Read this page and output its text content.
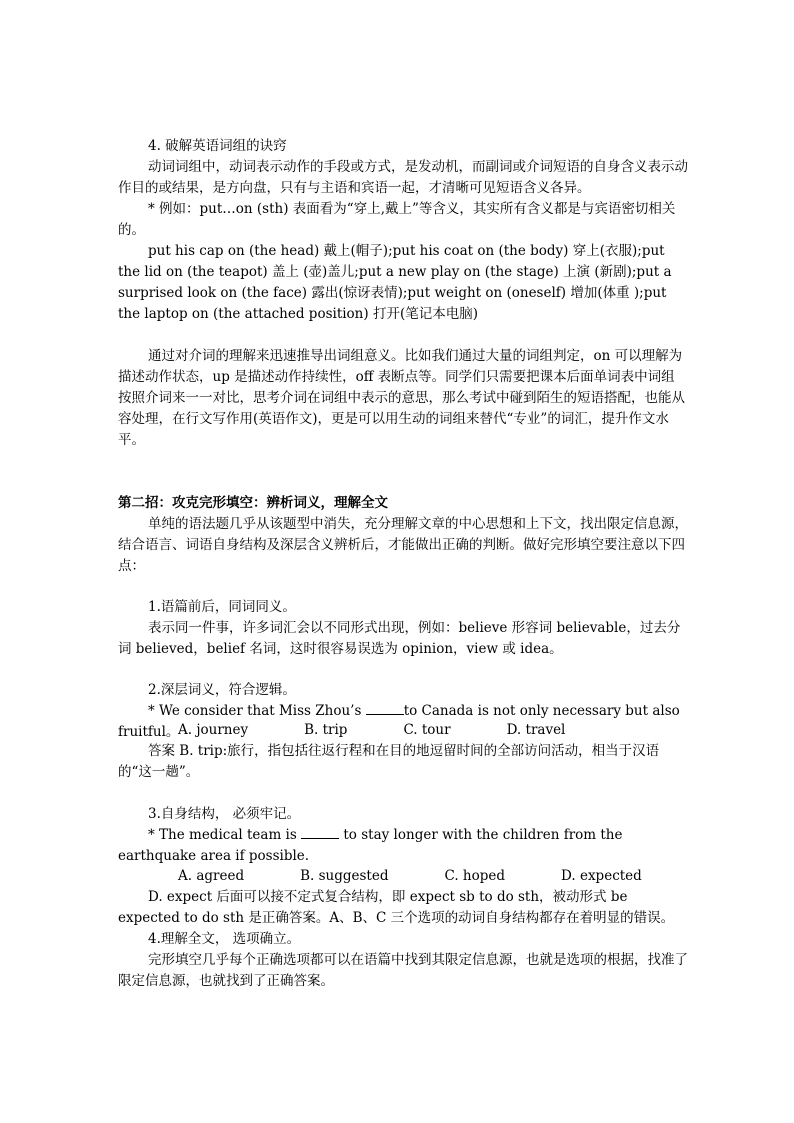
4. 破解英语词组的诀窍
动词词组中，动词表示动作的手段或方式，是发动机，而副词或介词短语的自身含义表示动作目的或结果，是方向盘，只有与主语和宾语一起，才清晰可见短语含义各异。
* 例如：put…on (sth) 表面看为“穿上,戴上”等含义，其实所有含义都是与宾语密切相关的。
put his cap on (the head) 戴上(帽子);put his coat on (the body) 穿上(衣服);put the lid on (the teapot) 盖上 (壶)盖儿;put a new play on (the stage) 上演 (新剧);put a surprised look on (the face) 露出(惊讶表情);put weight on (oneself) 增加(体重 );put the laptop on (the attached position) 打开(笔记本电脑)
通过对介词的理解来迅速推导出词组意义。比如我们通过大量的词组判定，on 可以理解为描述动作状态，up 是描述动作持续性，off 表断点等。同学们只需要把课本后面单词表中词组按照介词来一一对比，思考介词在词组中表示的意思，那么考试中碰到陌生的短语搭配，也能从容处理，在行文写作用(英语作文)，更是可以用生动的词组来替代“专业”的词汇，提升作文水平。
第二招：攻克完形填空：辨析词义，理解全文
单纯的语法题几乎从该题型中消失，充分理解文章的中心思想和上下文，找出限定信息源，结合语言、词语自身结构及深层含义辨析后，才能做出正确的判断。做好完形填空要注意以下四点：
1.语篇前后，同词同义。
表示同一件事，许多词汇会以不同形式出现，例如：believe 形容词 believable，过去分词 believed，belief 名词，这时很容易误选为 opinion，view 或 idea。
2.深层词义，符合逻辑。
* We consider that Miss Zhou’s	to Canada is not only necessary but also fruitful。
A. journey	B. trip	C. tour	D. travel
答案 B. trip:旅行，指包括往返行程和在目的地逗留时间的全部访问活动，相当于汉语的“这一趟”。
3.自身结构， 必须牢记。
* The medical team is	to stay longer with the children from the earthquake area if possible.
A. agreed	B. suggested	C. hoped	D. expected
D. expect 后面可以接不定式复合结构，即 expect sb to do sth，被动形式 be expected to do sth 是正确答案。A、B、C 三个选项的动词自身结构都存在着明显的错误。
4.理解全文， 选项确立。
完形填空几乎每个正确选项都可以在语篇中找到其限定信息源，也就是选项的根据，找准了限定信息源，也就找到了正确答案。
